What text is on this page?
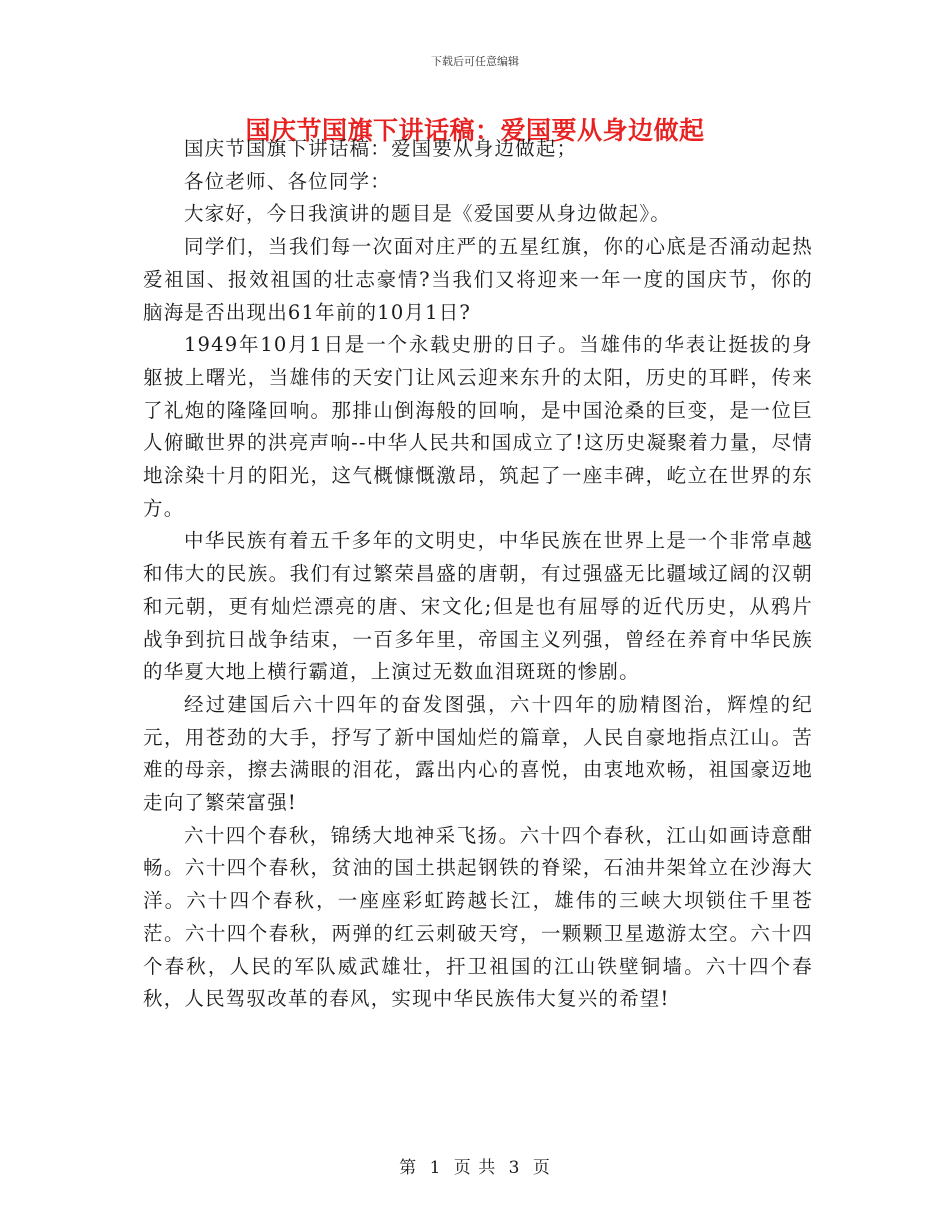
下载后可任意编辑
国庆节国旗下讲话稿：爱国要从身边做起

国庆节国旗下讲话稿：爱国要从身边做起；

各位老师、各位同学：

大家好，今日我演讲的题目是《爱国要从身边做起》。

同学们，当我们每一次面对庄严的五星红旗，你的心底是否涌动起热爱祖国、报效祖国的壮志豪情?当我们又将迎来一年一度的国庆节，你的脑海是否出现出61年前的10月1日?

1949年10月1日是一个永载史册的日子。当雄伟的华表让挺拔的身躯披上曙光，当雄伟的天安门让风云迎来东升的太阳，历史的耳畔，传来了礼炮的隆隆回响。那排山倒海般的回响，是中国沧桑的巨变，是一位巨人俯瞰世界的洪亮声响--中华人民共和国成立了!这历史凝聚着力量，尽情地涂染十月的阳光，这气概慷慨激昂，筑起了一座丰碑，屹立在世界的东方。

中华民族有着五千多年的文明史，中华民族在世界上是一个非常卓越和伟大的民族。我们有过繁荣昌盛的唐朝，有过强盛无比疆域辽阔的汉朝和元朝，更有灿烂漂亮的唐、宋文化;但是也有屈辱的近代历史，从鸦片战争到抗日战争结束，一百多年里，帝国主义列强，曾经在养育中华民族的华夏大地上横行霸道，上演过无数血泪斑斑的惨剧。

经过建国后六十四年的奋发图强，六十四年的励精图治，辉煌的纪元，用苍劲的大手，抒写了新中国灿烂的篇章，人民自豪地指点江山。苦难的母亲，擦去满眼的泪花，露出内心的喜悦，由衷地欢畅，祖国豪迈地走向了繁荣富强!

六十四个春秋，锦绣大地神采飞扬。六十四个春秋，江山如画诗意酣畅。六十四个春秋，贫油的国土拱起钢铁的脊梁，石油井架耸立在沙海大洋。六十四个春秋，一座座彩虹跨越长江，雄伟的三峡大坝锁住千里苍茫。六十四个春秋，两弹的红云刺破天穹，一颗颗卫星遨游太空。六十四个春秋，人民的军队威武雄壮，扞卫祖国的江山铁壁铜墙。六十四个春秋，人民驾驭改革的春风，实现中华民族伟大复兴的希望!

第 1 页 共 3 页
